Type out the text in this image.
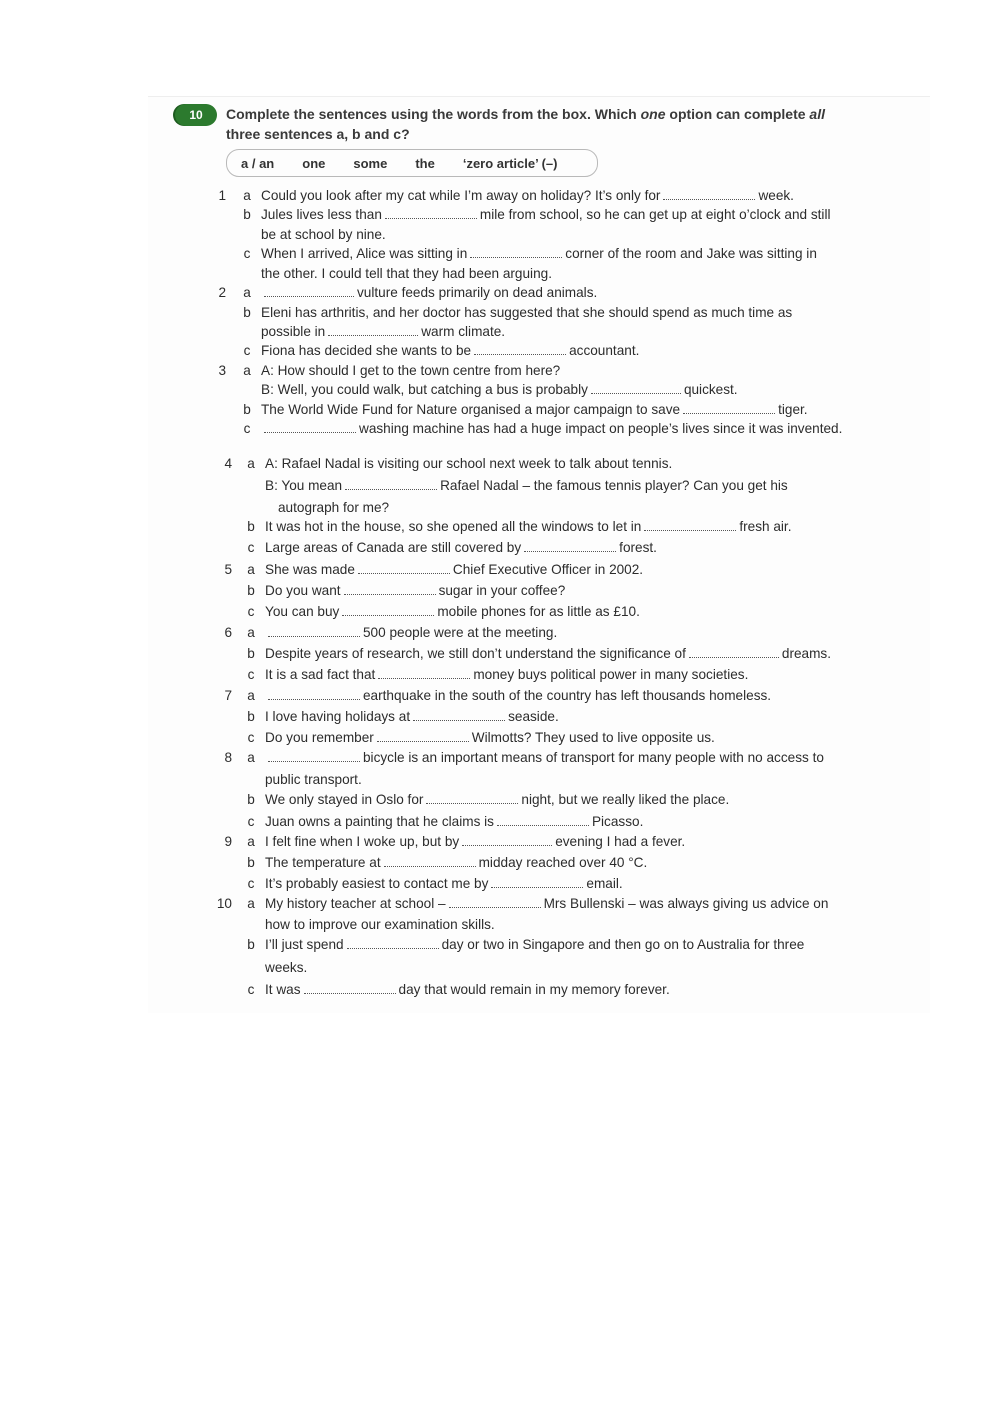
10	Complete the sentences using the words from the box. Which one option can complete all
three sentences a, b and c?
a / an one some the ‘zero article’ (–)
1 a Could you look after my cat while I’m away on holiday? It’s only for	week.
b Jules lives less than	mile from school, so he can get up at eight o’clock and still
be at school by nine.
c When I arrived, Alice was sitting in	corner of the room and Jake was sitting in
the other. I could tell that they had been arguing.
2 a	vulture feeds primarily on dead animals.
b Eleni has arthritis, and her doctor has suggested that she should spend as much time as
possible in	warm climate.
c Fiona has decided she wants to be	accountant.
3 a A: How should I get to the town centre from here?
B: Well, you could walk, but catching a bus is probably	quickest.
b The World Wide Fund for Nature organised a major campaign to save	tiger.
c	washing machine has had a huge impact on people’s lives since it was invented.
4 a A: Rafael Nadal is visiting our school next week to talk about tennis.
B: You mean	Rafael Nadal – the famous tennis player? Can you get his
autograph for me?
b It was hot in the house, so she opened all the windows to let in	fresh air.
c Large areas of Canada are still covered by	forest.
5 a She was made	Chief Executive Officer in 2002.
b Do you want	sugar in your coffee?
c You can buy	mobile phones for as little as £10.
6 a	500 people were at the meeting.
b Despite years of research, we still don’t understand the significance of	dreams.
c It is a sad fact that	money buys political power in many societies.
7 a	earthquake in the south of the country has left thousands homeless.
b I love having holidays at	seaside.
c Do you remember	Wilmotts? They used to live opposite us.
8 a	bicycle is an important means of transport for many people with no access to
public transport.
b We only stayed in Oslo for	night, but we really liked the place.
c Juan owns a painting that he claims is	Picasso.
9 a I felt fine when I woke up, but by	evening I had a fever.
b The temperature at	midday reached over 40 °C.
c It’s probably easiest to contact me by	email.
10 a My history teacher at school –	Mrs Bullenski – was always giving us advice on
how to improve our examination skills.
b I’ll just spend	day or two in Singapore and then go on to Australia for three
weeks.
c It was	day that would remain in my memory forever.
